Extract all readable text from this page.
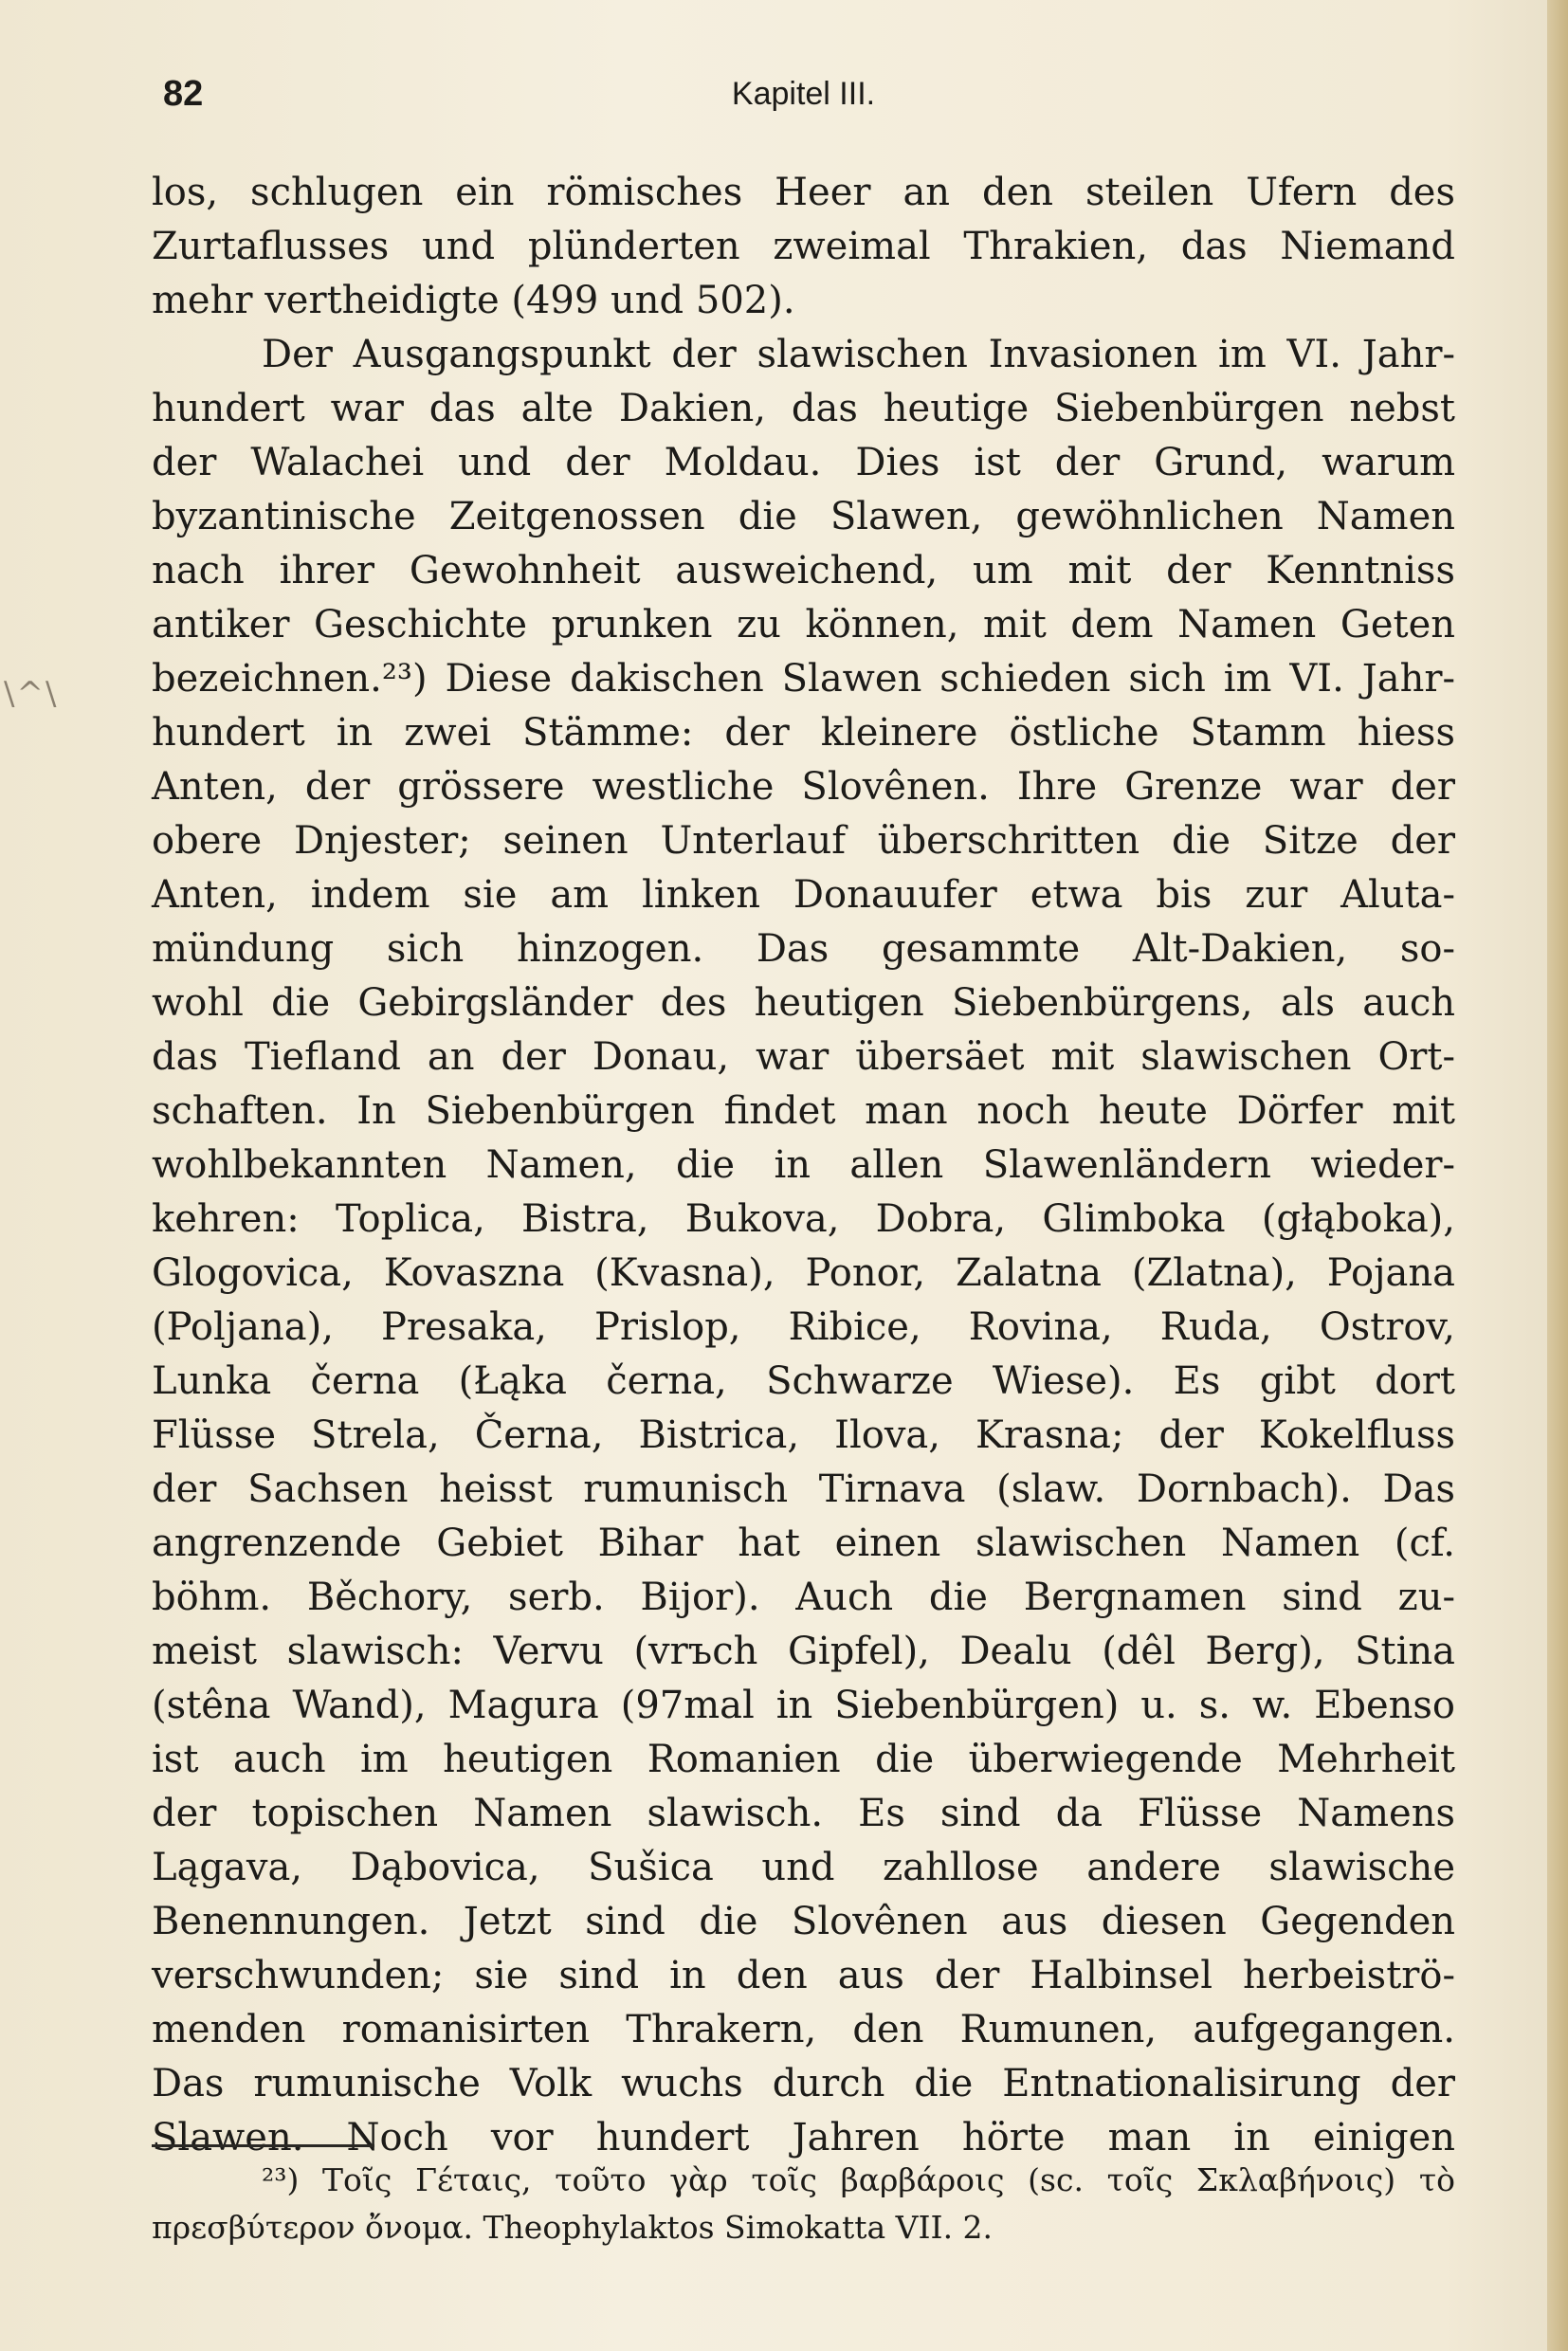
\^\
82	Kapitel III.
los, schlugen ein römisches Heer an den steilen Ufern des
Zurtaflusses und plünderten zweimal Thrakien, das Niemand
mehr vertheidigte (499 und 502).
Der Ausgangspunkt der slawischen Invasionen im VI. Jahr-
hundert war das alte Dakien, das heutige Siebenbürgen nebst
der Walachei und der Moldau. Dies ist der Grund, warum
byzantinische Zeitgenossen die Slawen, gewöhnlichen Namen
nach ihrer Gewohnheit ausweichend, um mit der Kenntniss
antiker Geschichte prunken zu können, mit dem Namen Geten
bezeichnen.²³) Diese dakischen Slawen schieden sich im VI. Jahr-
hundert in zwei Stämme: der kleinere östliche Stamm hiess
Anten, der grössere westliche Slovênen. Ihre Grenze war der
obere Dnjester; seinen Unterlauf überschritten die Sitze der
Anten, indem sie am linken Donauufer etwa bis zur Aluta-
mündung sich hinzogen. Das gesammte Alt-Dakien, so-
wohl die Gebirgsländer des heutigen Siebenbürgens, als auch
das Tiefland an der Donau, war übersäet mit slawischen Ort-
schaften. In Siebenbürgen findet man noch heute Dörfer mit
wohlbekannten Namen, die in allen Slawenländern wieder-
kehren: Toplica, Bistra, Bukova, Dobra, Glimboka (głąboka),
Glogovica, Kovaszna (Kvasna), Ponor, Zalatna (Zlatna), Pojana
(Poljana), Presaka, Prislop, Ribice, Rovina, Ruda, Ostrov,
Lunka černa (Łąka černa, Schwarze Wiese). Es gibt dort
Flüsse Strela, Černa, Bistrica, Ilova, Krasna; der Kokelfluss
der Sachsen heisst rumunisch Tirnava (slaw. Dornbach). Das
angrenzende Gebiet Bihar hat einen slawischen Namen (cf.
böhm. Běchory, serb. Bijor). Auch die Bergnamen sind zu-
meist slawisch: Vervu (vrъch Gipfel), Dealu (dêl Berg), Stina
(stêna Wand), Magura (97mal in Siebenbürgen) u. s. w. Ebenso
ist auch im heutigen Romanien die überwiegende Mehrheit
der topischen Namen slawisch. Es sind da Flüsse Namens
Lągava, Dąbovica, Sušica und zahllose andere slawische
Benennungen. Jetzt sind die Slovênen aus diesen Gegenden
verschwunden; sie sind in den aus der Halbinsel herbeiströ-
menden romanisirten Thrakern, den Rumunen, aufgegangen.
Das rumunische Volk wuchs durch die Entnationalisirung der
Slawen. Noch vor hundert Jahren hörte man in einigen
²³) Τοῖς Γέταις, τοῦτο γὰρ τοῖς βαρβάροις (sc. τοῖς Σκλαβήνοις) τὸ
πρεσβύτερον ὄνομα. Theophylaktos Simokatta VII. 2.
